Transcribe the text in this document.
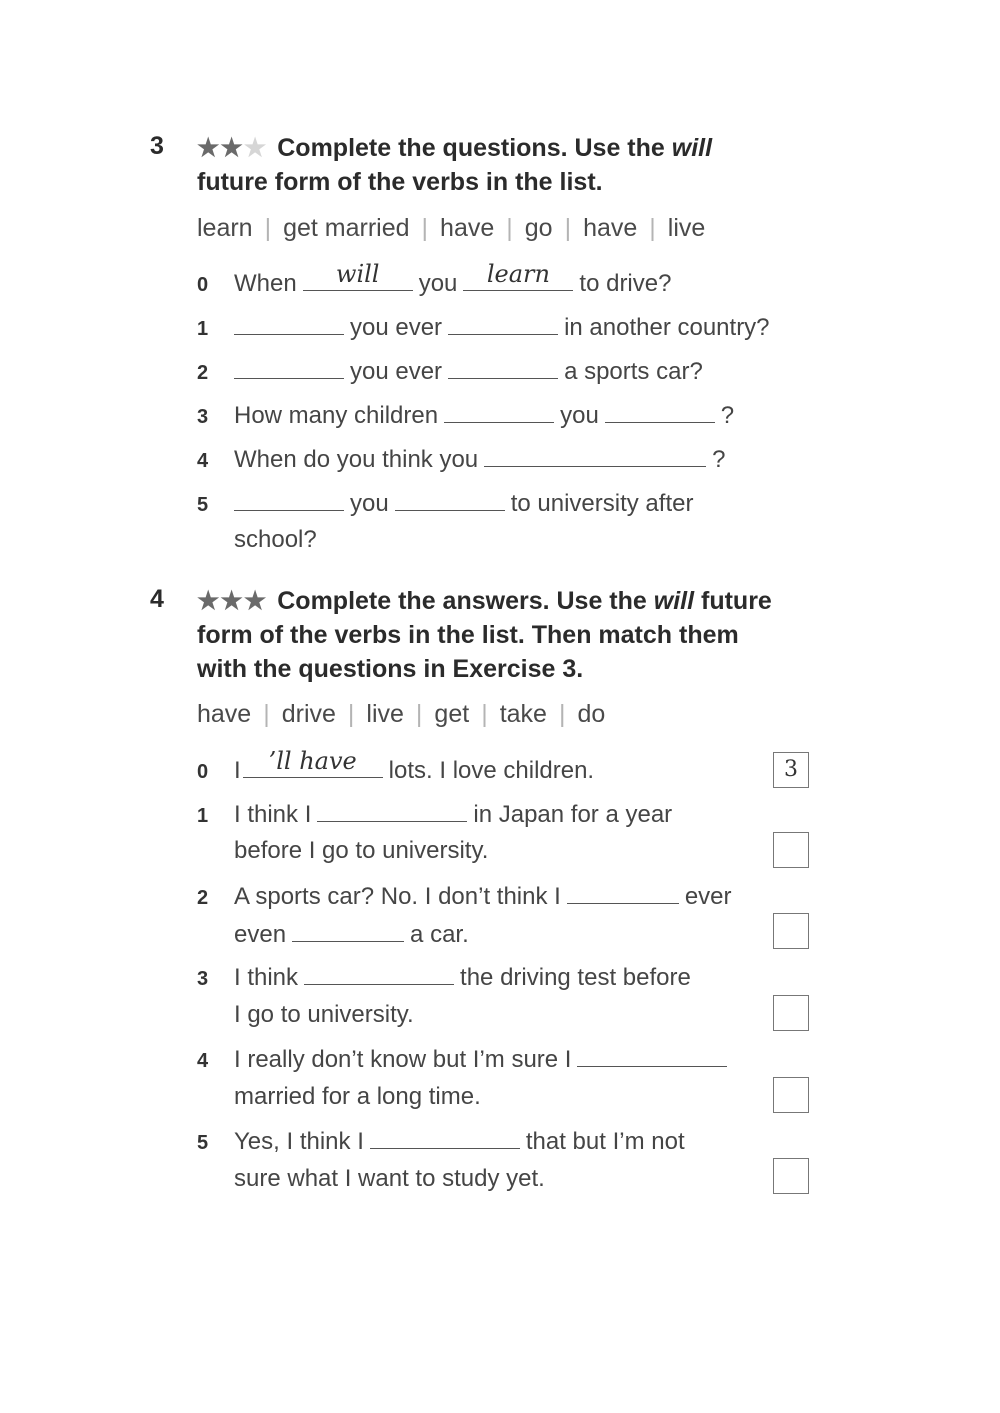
3 ★★★ Complete the questions. Use the will
future form of the verbs in the list.
learn | get married | have | go | have | live
0 When	will	you	learn	to drive?
1	you ever	in another country?
2	you ever	a sports car?
3 How many children	you	?
4 When do you think you	?
5	you	to university after
school?
4 ★★★ Complete the answers. Use the will future
form of the verbs in the list. Then match them
with the questions in Exercise 3.
have | drive | live | get | take | do
0 I	’ll have	lots. I love children.	3
1 I think I	in Japan for a year
before I go to university.
2 A sports car? No. I don’t think I	ever
even	a car.
3 I think	the driving test before
I go to university.
4 I really don’t know but I’m sure I
married for a long time.
5 Yes, I think I	that but I’m not
sure what I want to study yet.
